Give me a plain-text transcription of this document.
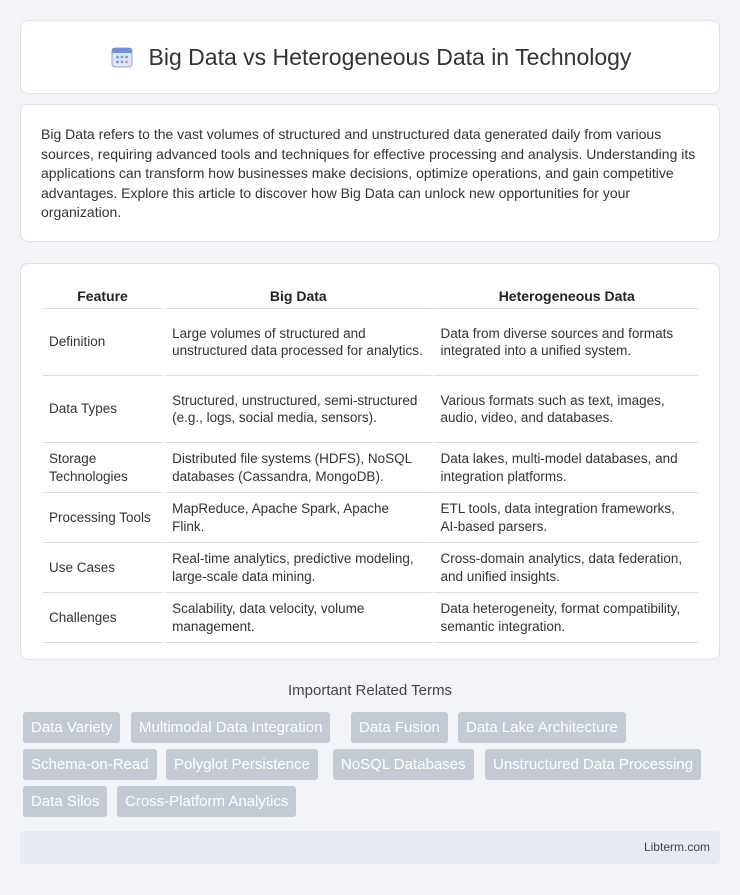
Big Data vs Heterogeneous Data in Technology

Big Data refers to the vast volumes of structured and unstructured data generated daily from various sources, requiring advanced tools and techniques for effective processing and analysis. Understanding its applications can transform how businesses make decisions, optimize operations, and gain competitive advantages. Explore this article to discover how Big Data can unlock new opportunities for your organization.

Feature	Big Data	Heterogeneous Data
Definition	Large volumes of structured and unstructured data processed for analytics.	Data from diverse sources and formats integrated into a unified system.
Data Types	Structured, unstructured, semi-structured (e.g., logs, social media, sensors).	Various formats such as text, images, audio, video, and databases.
Storage Technologies	Distributed file systems (HDFS), NoSQL databases (Cassandra, MongoDB).	Data lakes, multi-model databases, and integration platforms.
Processing Tools	MapReduce, Apache Spark, Apache Flink.	ETL tools, data integration frameworks, AI-based parsers.
Use Cases	Real-time analytics, predictive modeling, large-scale data mining.	Cross-domain analytics, data federation, and unified insights.
Challenges	Scalability, data velocity, volume management.	Data heterogeneity, format compatibility, semantic integration.
Important Related Terms
Data Variety	Multimodal Data Integration	Data Fusion	Data Lake Architecture
Schema-on-Read	Polyglot Persistence	NoSQL Databases	Unstructured Data Processing
Data Silos	Cross-Platform Analytics
Libterm.com
